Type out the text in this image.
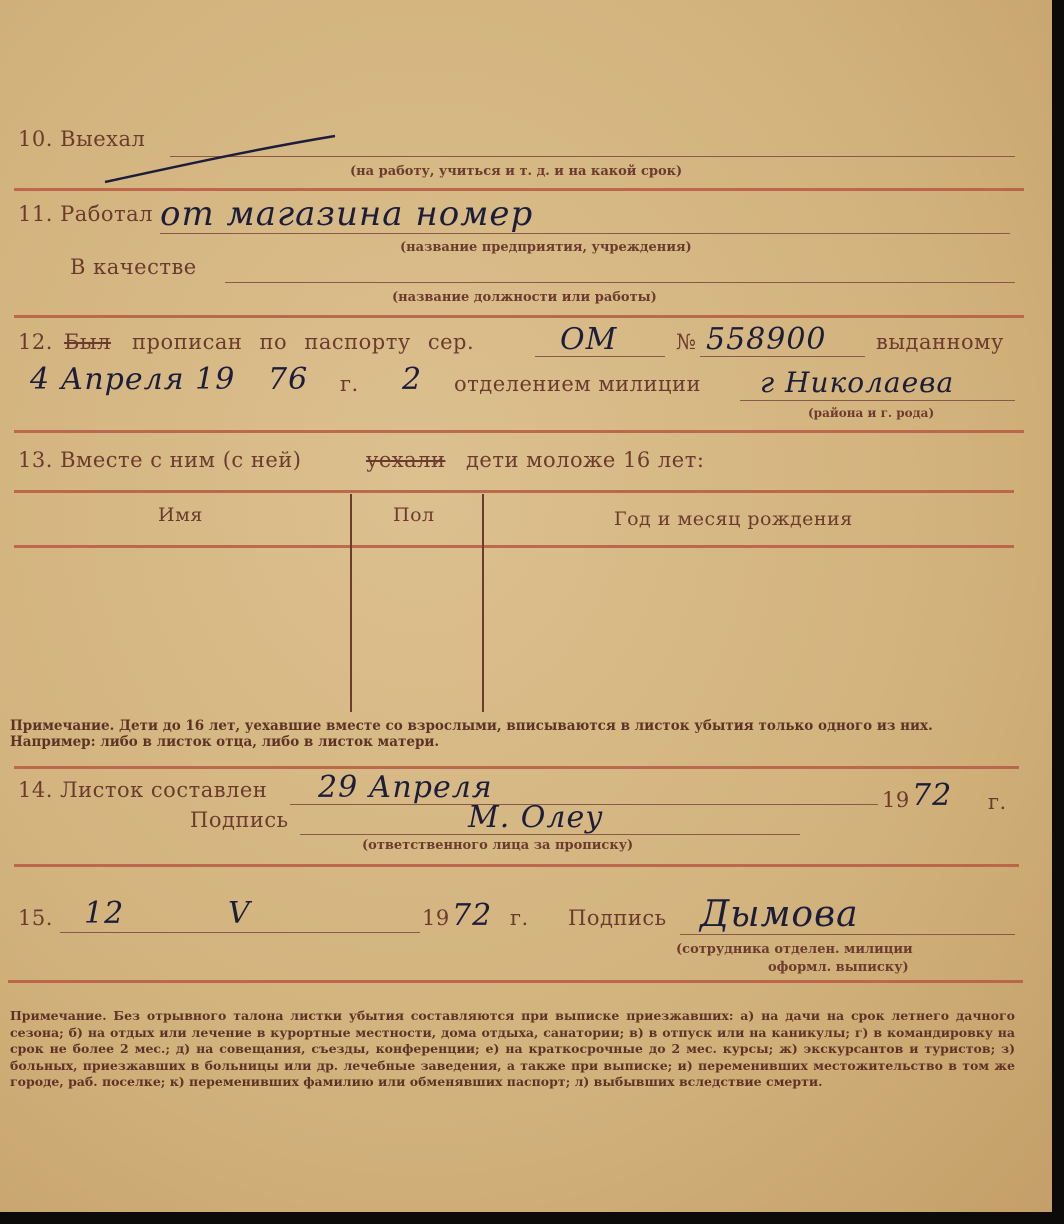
10. Выехал
(на работу, учиться и т. д. и на какой срок)
11. Работал от магазина номер
(название предприятия, учреждения)
В качестве
(название должности или работы)
12. Был прописан по паспорту сер.	ОМ	№ 558900 выданному
4 Апреля 19 76 г. 2 отделением милиции г Николаева
(района и г. рода)
13. Вместе с ним (с ней)	уехали дети моложе 16 лет:
Имя	Пол	Год и месяц рождения
Примечание. Дети до 16 лет, уехавшие вместе со взрослыми, вписываются в листок убытия только одного из них. Например: либо в листок отца, либо в листок матери.
14. Листок составлен 29 Апреля	19 72 г.
Подпись	М. Олеу
(ответственного лица за прописку)
15. 12	V	19 72 г. Подпись Дымова
(сотрудника отделен. милиции
оформл. выписку)
Примечание. Без отрывного талона листки убытия составляются при выписке приезжавших: а) на дачи на срок летнего дачного сезона; б) на отдых или лечение в курортные местности, дома отдыха, санатории; в) в отпуск или на каникулы; г) в командировку на срок не более 2 мес.; д) на совещания, съезды, конференции; е) на краткосрочные до 2 мес. курсы; ж) экскурсантов и туристов; з) больных, приезжавших в больницы или др. лечебные заведения, а также при выписке; и) переменивших местожительство в том же городе, раб. поселке; к) переменивших фамилию или обменявших паспорт; л) выбывших вследствие смерти.
